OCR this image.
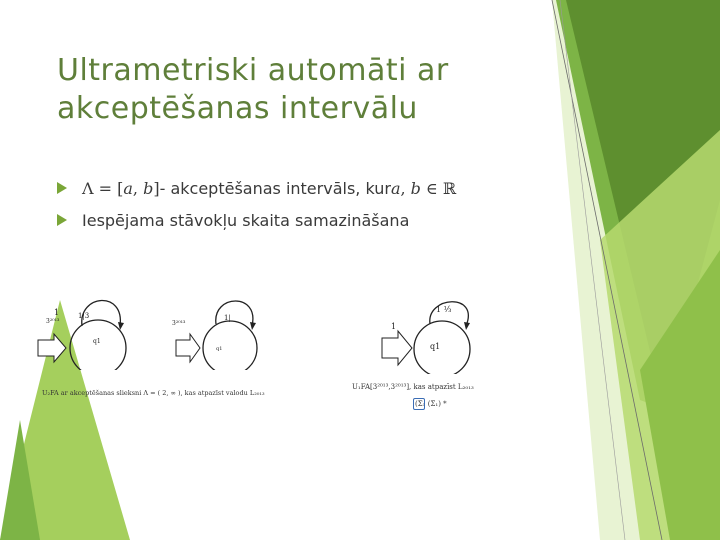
Ultrametriski automāti ar
akceptēšanas intervālu
Λ = [a, b] - akceptēšanas intervāls, kur a, b ∈ ℝ
Iespējama stāvokļu skaita samazināšana
1
3²⁰¹³
1|3
q1
3²⁰¹³
1|
q1
1
1 ¹⁄₃
q1
U₂FA ar akceptēšanas slieksni Λ = ( 2, ∞ ), kas atpazīst valodu L₂₀₁₃
U₁FA[3²⁰¹³,3²⁰¹³], kas atpazīst L₂₀₁₃
(Σ₁ (Σ₁) *
